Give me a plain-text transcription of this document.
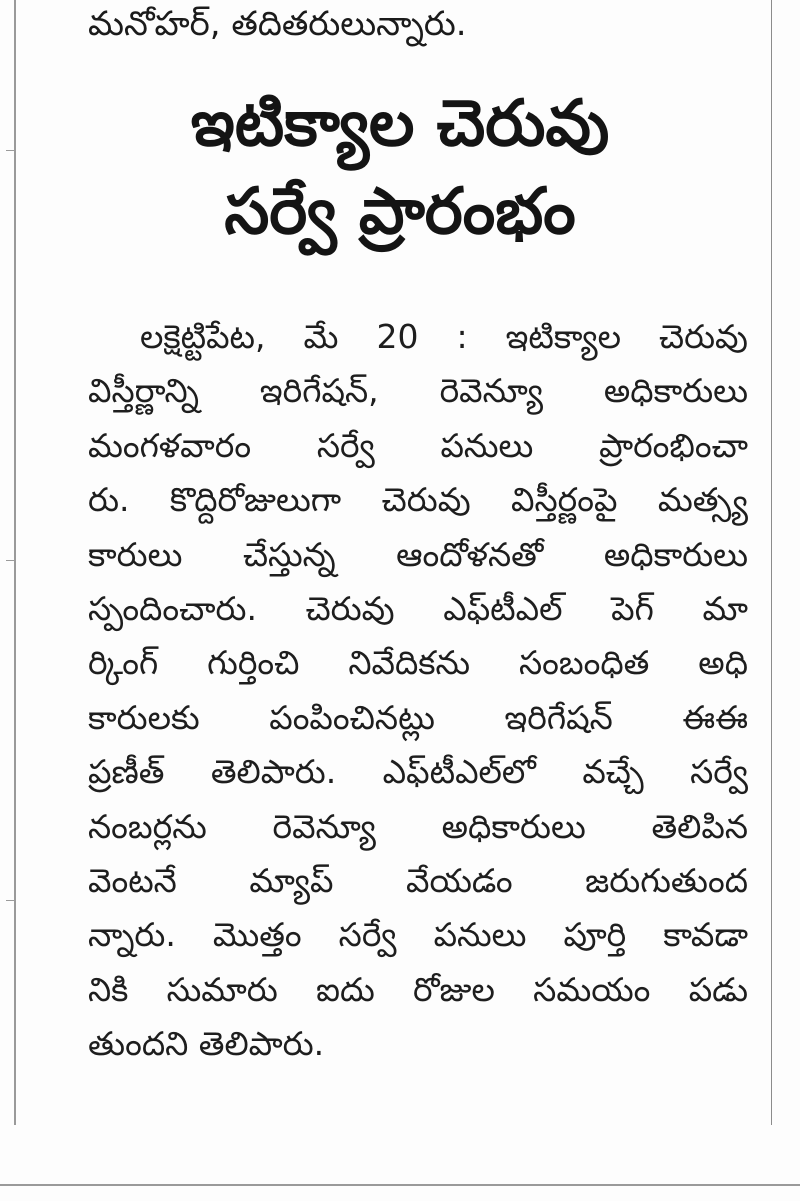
మనోహర్, తదితరులున్నారు.
ఇటిక్యాల చెరువు
సర్వే ప్రారంభం
లక్షెట్టిపేట, మే 20 : ఇటిక్యాల చెరువు
విస్తీర్ణాన్ని ఇరిగేషన్, రెవెన్యూ అధికారులు
మంగళవారం సర్వే పనులు ప్రారంభించా
రు. కొద్దిరోజులుగా చెరువు విస్తీర్ణంపై మత్స్య
కారులు చేస్తున్న ఆందోళనతో అధికారులు
స్పందించారు. చెరువు ఎఫ్‌టీఎల్ పెగ్ మా
ర్కింగ్ గుర్తించి నివేదికను సంబంధిత అధి
కారులకు పంపించినట్లు ఇరిగేషన్ ఈఈ
ప్రణీత్ తెలిపారు. ఎఫ్‌టీఎల్‌లో వచ్చే సర్వే
నంబర్లను రెవెన్యూ అధికారులు తెలిపిన
వెంటనే మ్యాప్ వేయడం జరుగుతుంద
న్నారు. మొత్తం సర్వే పనులు పూర్తి కావడా
నికి సుమారు ఐదు రోజుల సమయం పడు
తుందని తెలిపారు.
